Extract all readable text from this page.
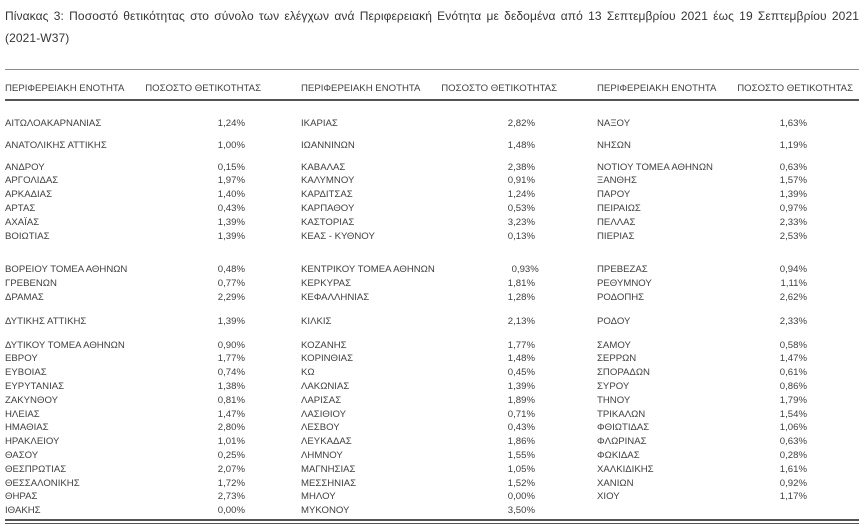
Πίνακας 3: Ποσοστό θετικότητας στο σύνολο των ελέγχων ανά Περιφερειακή Ενότητα με δεδομένα από 13 Σεπτεμβρίου 2021 έως 19 Σεπτεμβρίου 2021 (2021-W37)
ΠΕΡΙΦΕΡΕΙΑΚΗ ΕΝΟΤΗΤΑ	ΠΟΣΟΣΤΟ ΘΕΤΙΚΟΤΗΤΑΣ	ΠΕΡΙΦΕΡΕΙΑΚΗ ΕΝΟΤΗΤΑ	ΠΟΣΟΣΤΟ ΘΕΤΙΚΟΤΗΤΑΣ	ΠΕΡΙΦΕΡΕΙΑΚΗ ΕΝΟΤΗΤΑ	ΠΟΣΟΣΤΟ ΘΕΤΙΚΟΤΗΤΑΣ
ΑΙΤΩΛΟΑΚΑΡΝΑΝΙΑΣ	1,24%	ΙΚΑΡΙΑΣ	2,82%	ΝΑΞΟΥ	1,63%
ΑΝΑΤΟΛΙΚΗΣ ΑΤΤΙΚΗΣ	1,00%	ΙΩΑΝΝΙΝΩΝ	1,48%	ΝΗΣΩΝ	1,19%
ΑΝΔΡΟΥ	0,15%	ΚΑΒΑΛΑΣ	2,38%	ΝΟΤΙΟΥ ΤΟΜΕΑ ΑΘΗΝΩΝ	0,63%
ΑΡΓΟΛΙΔΑΣ	1,97%	ΚΑΛΥΜΝΟΥ	0,91%	ΞΑΝΘΗΣ	1,57%
ΑΡΚΑΔΙΑΣ	1,40%	ΚΑΡΔΙΤΣΑΣ	1,24%	ΠΑΡΟΥ	1,39%
ΑΡΤΑΣ	0,43%	ΚΑΡΠΑΘΟΥ	0,53%	ΠΕΙΡΑΙΩΣ	0,97%
ΑΧΑΪΑΣ	1,39%	ΚΑΣΤΟΡΙΑΣ	3,23%	ΠΕΛΛΑΣ	2,33%
ΒΟΙΩΤΙΑΣ	1,39%	ΚΕΑΣ - ΚΥΘΝΟΥ	0,13%	ΠΙΕΡΙΑΣ	2,53%
ΒΟΡΕΙΟΥ ΤΟΜΕΑ ΑΘΗΝΩΝ	0,48%	ΚΕΝΤΡΙΚΟΥ ΤΟΜΕΑ ΑΘΗΝΩΝ	0,93%	ΠΡΕΒΕΖΑΣ	0,94%
ΓΡΕΒΕΝΩΝ	0,77%	ΚΕΡΚΥΡΑΣ	1,81%	ΡΕΘΥΜΝΟΥ	1,11%
ΔΡΑΜΑΣ	2,29%	ΚΕΦΑΛΛΗΝΙΑΣ	1,28%	ΡΟΔΟΠΗΣ	2,62%
ΔΥΤΙΚΗΣ ΑΤΤΙΚΗΣ	1,39%	ΚΙΛΚΙΣ	2,13%	ΡΟΔΟΥ	2,33%
ΔΥΤΙΚΟΥ ΤΟΜΕΑ ΑΘΗΝΩΝ	0,90%	ΚΟΖΑΝΗΣ	1,77%	ΣΑΜΟΥ	0,58%
ΕΒΡΟΥ	1,77%	ΚΟΡΙΝΘΙΑΣ	1,48%	ΣΕΡΡΩΝ	1,47%
ΕΥΒΟΙΑΣ	0,74%	ΚΩ	0,45%	ΣΠΟΡΑΔΩΝ	0,61%
ΕΥΡΥΤΑΝΙΑΣ	1,38%	ΛΑΚΩΝΙΑΣ	1,39%	ΣΥΡΟΥ	0,86%
ΖΑΚΥΝΘΟΥ	0,81%	ΛΑΡΙΣΑΣ	1,89%	ΤΗΝΟΥ	1,79%
ΗΛΕΙΑΣ	1,47%	ΛΑΣΙΘΙΟΥ	0,71%	ΤΡΙΚΑΛΩΝ	1,54%
ΗΜΑΘΙΑΣ	2,80%	ΛΕΣΒΟΥ	0,43%	ΦΘΙΩΤΙΔΑΣ	1,06%
ΗΡΑΚΛΕΙΟΥ	1,01%	ΛΕΥΚΑΔΑΣ	1,86%	ΦΛΩΡΙΝΑΣ	0,63%
ΘΑΣΟΥ	0,25%	ΛΗΜΝΟΥ	1,55%	ΦΩΚΙΔΑΣ	0,28%
ΘΕΣΠΡΩΤΙΑΣ	2,07%	ΜΑΓΝΗΣΙΑΣ	1,05%	ΧΑΛΚΙΔΙΚΗΣ	1,61%
ΘΕΣΣΑΛΟΝΙΚΗΣ	1,72%	ΜΕΣΣΗΝΙΑΣ	1,52%	ΧΑΝΙΩΝ	0,92%
ΘΗΡΑΣ	2,73%	ΜΗΛΟΥ	0,00%	ΧΙΟΥ	1,17%
ΙΘΑΚΗΣ	0,00%	ΜΥΚΟΝΟΥ	3,50%
